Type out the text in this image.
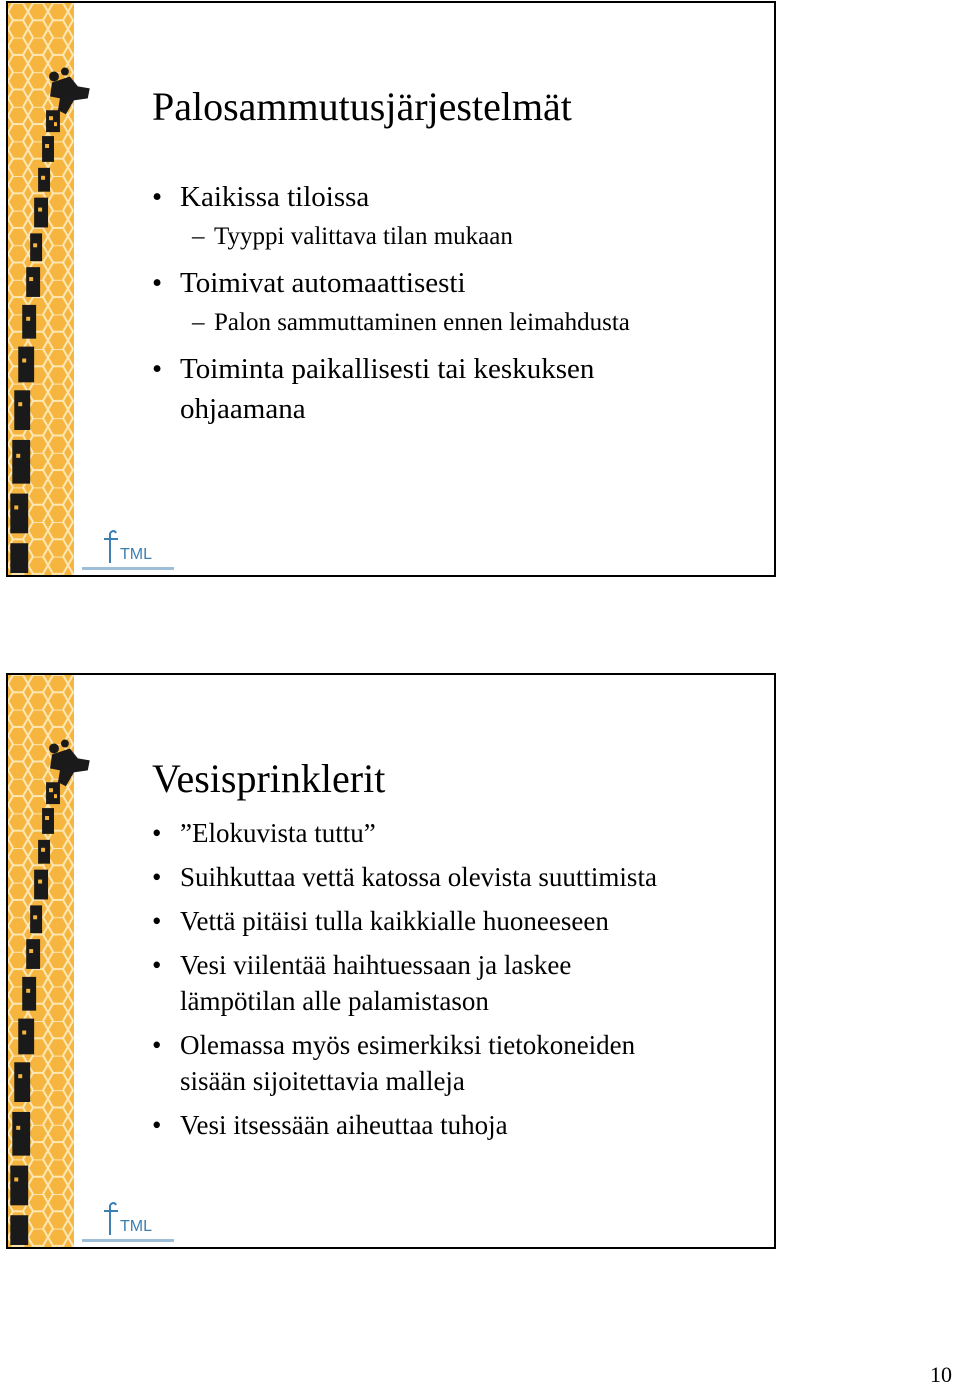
TML
Palosammutusjärjestelmät
• Kaikissa tiloissa
– Tyyppi valittava tilan mukaan
• Toimivat automaattisesti
– Palon sammuttaminen ennen leimahdusta
• Toiminta paikallisesti tai keskuksen ohjaamana
TML
Vesisprinklerit
• ”Elokuvista tuttu”
• Suihkuttaa vettä katossa olevista suuttimista
• Vettä pitäisi tulla kaikkialle huoneeseen
• Vesi viilentää haihtuessaan ja laskee lämpötilan alle palamistason
• Olemassa myös esimerkiksi tietokoneiden sisään sijoitettavia malleja
• Vesi itsessään aiheuttaa tuhoja
10
